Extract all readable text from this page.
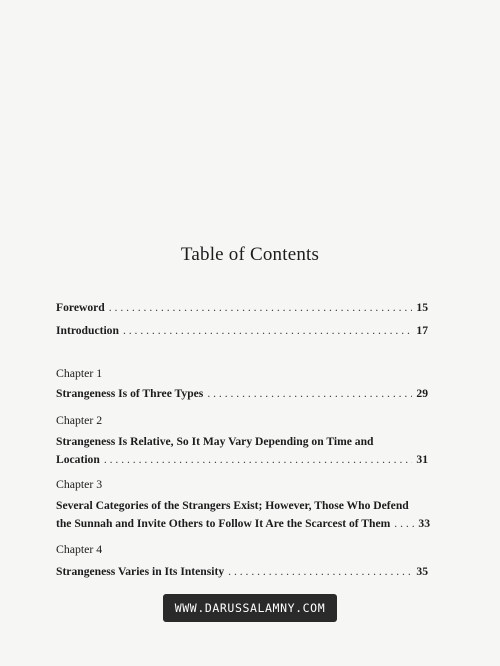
Table of Contents
Foreword . . .	15
Introduction . . .	17
Chapter 1
Strangeness Is of Three Types . . .	29
Chapter 2
Strangeness Is Relative, So It May Vary Depending on Time and
Location . . .	31
Chapter 3
Several Categories of the Strangers Exist; However, Those Who Defend
the Sunnah and Invite Others to Follow It Are the Scarcest of Them . . . 33
Chapter 4
Strangeness Varies in Its Intensity . . .	35
WWW.DARUSSALAMNY.COM
